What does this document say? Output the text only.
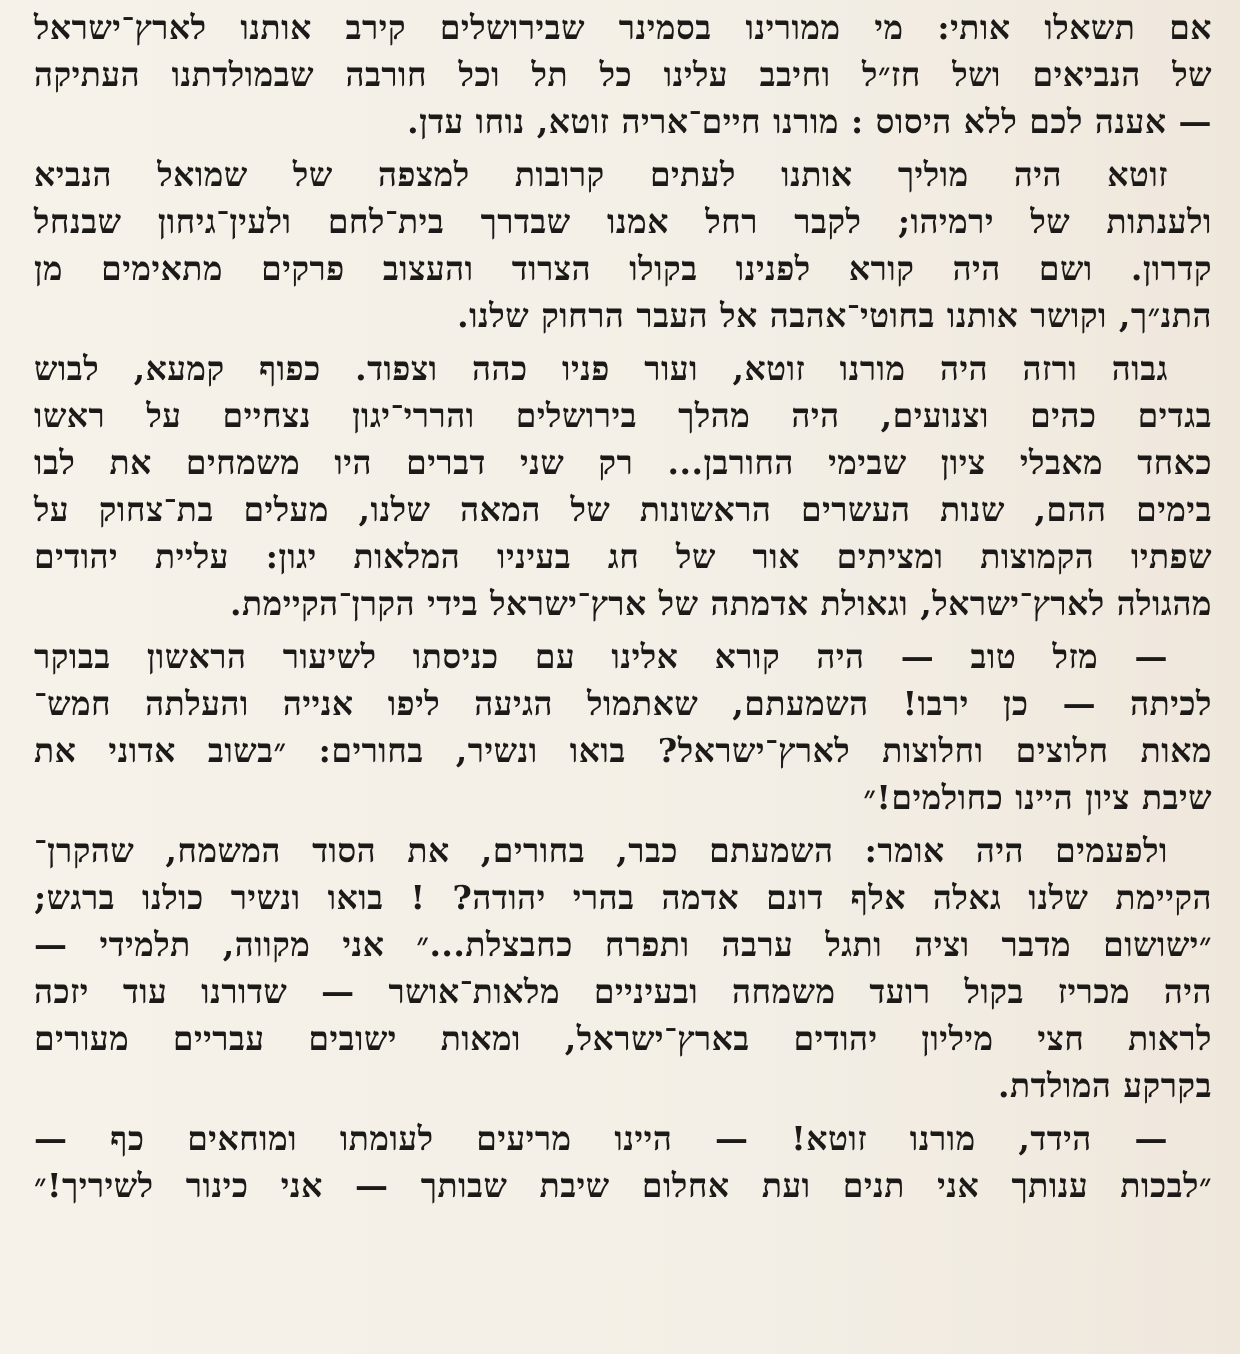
אם תשאלו אותי: מי ממורינו בסמינר שבירושלים קירב אותנו לארץ־ישראל
של הנביאים ושל חז״ל וחיבב עלינו כל תל וכל חורבה שבמולדתנו העתיקה
— אענה לכם ללא היסוס : מורנו חיים־אריה זוטא, נוחו עדן.

זוטא היה מוליך אותנו לעתים קרובות למצפה של שמואל הנביא
ולענתות של ירמיהו; לקבר רחל אמנו שבדרך בית־לחם ולעין־גיחון שבנחל
קדרון. ושם היה קורא לפנינו בקולו הצרוד והעצוב פרקים מתאימים מן
התנ״ך, וקושר אותנו בחוטי־אהבה אל העבר הרחוק שלנו.

גבוה ורזה היה מורנו זוטא, ועור פניו כהה וצפוד. כפוף קמעא, לבוש
בגדים כהים וצנועים, היה מהלך בירושלים והררי־יגון נצחיים על ראשו
כאחד מאבלי ציון שבימי החורבן... רק שני דברים היו משמחים את לבו
בימים ההם, שנות העשרים הראשונות של המאה שלנו, מעלים בת־צחוק על
שפתיו הקמוצות ומציתים אור של חג בעיניו המלאות יגון: עליית יהודים
מהגולה לארץ־ישראל, וגאולת אדמתה של ארץ־ישראל בידי הקרן־הקיימת.

— מזל טוב — היה קורא אלינו עם כניסתו לשיעור הראשון בבוקר
לכיתה — כן ירבו! השמעתם, שאתמול הגיעה ליפו אנייה והעלתה חמש־
מאות חלוצים וחלוצות לארץ־ישראל? בואו ונשיר, בחורים: ״בשוב אדוני את
שיבת ציון היינו כחולמים!״

ולפעמים היה אומר: השמעתם כבר, בחורים, את הסוד המשמח, שהקרן־
הקיימת שלנו גאלה אלף דונם אדמה בהרי יהודה? ! בואו ונשיר כולנו ברגש;
״ישושום מדבר וציה ותגל ערבה ותפרח כחבצלת...״ אני מקווה, תלמידי —
היה מכריז בקול רועד משמחה ובעיניים מלאות־אושר — שדורנו עוד יזכה
לראות חצי מיליון יהודים בארץ־ישראל, ומאות ישובים עבריים מעורים
בקרקע המולדת.

— הידד, מורנו זוטא! — היינו מריעים לעומתו ומוחאים כף —
״לבכות ענותך אני תנים ועת אחלום שיבת שבותך — אני כינור לשיריך!״
